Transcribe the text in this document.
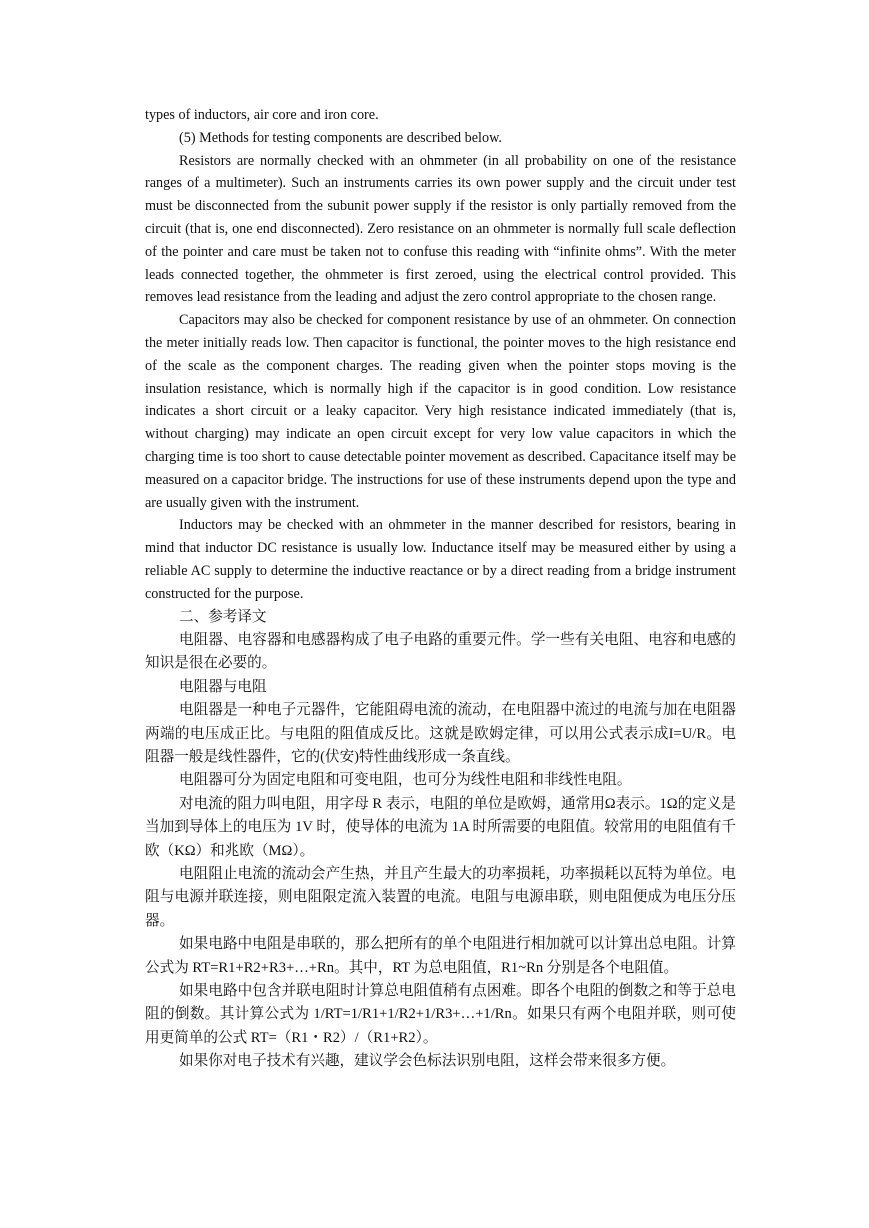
types of inductors, air core and iron core.

(5) Methods for testing components are described below.

Resistors are normally checked with an ohmmeter (in all probability on one of the resistance ranges of a multimeter). Such an instruments carries its own power supply and the circuit under test must be disconnected from the subunit power supply if the resistor is only partially removed from the circuit (that is, one end disconnected). Zero resistance on an ohmmeter is normally full scale deflection of the pointer and care must be taken not to confuse this reading with “infinite ohms”. With the meter leads connected together, the ohmmeter is first zeroed, using the electrical control provided. This removes lead resistance from the leading and adjust the zero control appropriate to the chosen range.

Capacitors may also be checked for component resistance by use of an ohmmeter. On connection the meter initially reads low. Then capacitor is functional, the pointer moves to the high resistance end of the scale as the component charges. The reading given when the pointer stops moving is the insulation resistance, which is normally high if the capacitor is in good condition. Low resistance indicates a short circuit or a leaky capacitor. Very high resistance indicated immediately (that is, without charging) may indicate an open circuit except for very low value capacitors in which the charging time is too short to cause detectable pointer movement as described. Capacitance itself may be measured on a capacitor bridge. The instructions for use of these instruments depend upon the type and are usually given with the instrument.

Inductors may be checked with an ohmmeter in the manner described for resistors, bearing in mind that inductor DC resistance is usually low. Inductance itself may be measured either by using a reliable AC supply to determine the inductive reactance or by a direct reading from a bridge instrument constructed for the purpose.

二、参考译文

电阻器、电容器和电感器构成了电子电路的重要元件。学一些有关电阻、电容和电感的知识是很在必要的。

电阻器与电阻

电阻器是一种电子元器件，它能阻碍电流的流动，在电阻器中流过的电流与加在电阻器两端的电压成正比。与电阻的阻值成反比。这就是欧姆定律，可以用公式表示成I=U/R。电阻器一般是线性器件，它的(伏安)特性曲线形成一条直线。

电阻器可分为固定电阻和可变电阻，也可分为线性电阻和非线性电阻。

对电流的阻力叫电阻，用字母 R 表示，电阻的单位是欧姆，通常用Ω表示。1Ω的定义是当加到导体上的电压为 1V 时，使导体的电流为 1A 时所需要的电阻值。较常用的电阻值有千欧（KΩ）和兆欧（MΩ）。

电阻阻止电流的流动会产生热，并且产生最大的功率损耗，功率损耗以瓦特为单位。电阻与电源并联连接，则电阻限定流入装置的电流。电阻与电源串联，则电阻便成为电压分压器。

如果电路中电阻是串联的，那么把所有的单个电阻进行相加就可以计算出总电阻。计算公式为 RT=R1+R2+R3+…+Rn。其中，RT 为总电阻值，R1~Rn 分别是各个电阻值。

如果电路中包含并联电阻时计算总电阻值稍有点困难。即各个电阻的倒数之和等于总电阻的倒数。其计算公式为 1/RT=1/R1+1/R2+1/R3+…+1/Rn。如果只有两个电阻并联，则可使用更简单的公式 RT=（R1・R2）/（R1+R2）。

如果你对电子技术有兴趣，建议学会色标法识别电阻，这样会带来很多方便。
